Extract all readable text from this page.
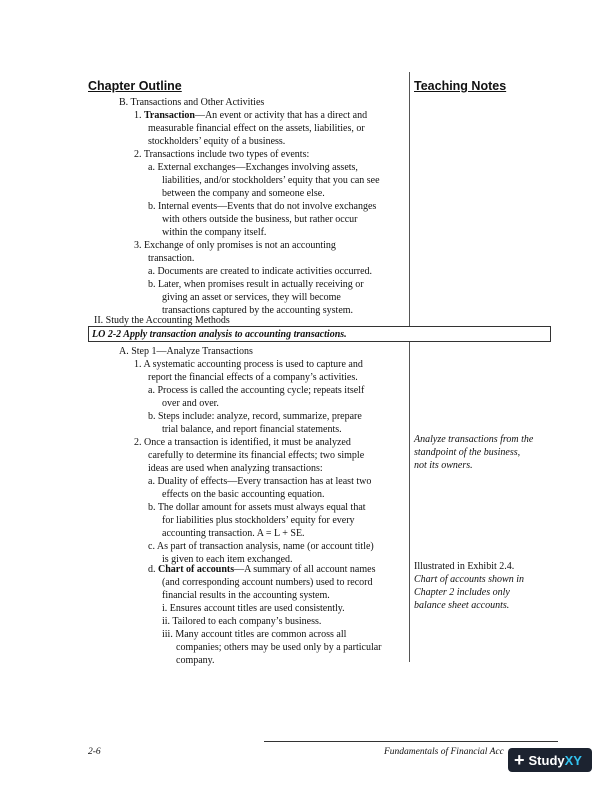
Chapter Outline	Teaching Notes
LO 2-2 Apply transaction analysis to accounting transactions.
B. Transactions and Other Activities
1. Transaction—An event or activity that has a direct and
measurable financial effect on the assets, liabilities, or
stockholders’ equity of a business.
2. Transactions include two types of events:
a. External exchanges—Exchanges involving assets,
liabilities, and/or stockholders’ equity that you can see
between the company and someone else.
b. Internal events—Events that do not involve exchanges
with others outside the business, but rather occur
within the company itself.
3. Exchange of only promises is not an accounting
transaction.
a. Documents are created to indicate activities occurred.
b. Later, when promises result in actually receiving or
giving an asset or services, they will become
transactions captured by the accounting system.
II. Study the Accounting Methods
A. Step 1—Analyze Transactions
1. A systematic accounting process is used to capture and
report the financial effects of a company’s activities.
a. Process is called the accounting cycle; repeats itself
over and over.
b. Steps include: analyze, record, summarize, prepare
trial balance, and report financial statements.
2. Once a transaction is identified, it must be analyzed
carefully to determine its financial effects; two simple
ideas are used when analyzing transactions:
a. Duality of effects—Every transaction has at least two
effects on the basic accounting equation.
b. The dollar amount for assets must always equal that
for liabilities plus stockholders’ equity for every
accounting transaction. A = L + SE.
c. As part of transaction analysis, name (or account title)
is given to each item exchanged.
d. Chart of accounts—A summary of all account names
(and corresponding account numbers) used to record
financial results in the accounting system.
i. Ensures account titles are used consistently.
ii. Tailored to each company’s business.
iii. Many account titles are common across all
companies; others may be used only by a particular
company.
Analyze transactions from the
standpoint of the business,
not its owners.
Illustrated in Exhibit 2.4.
Chart of accounts shown in
Chapter 2 includes only
balance sheet accounts.
2-6	Fundamentals of Financial Acc + Study XY
